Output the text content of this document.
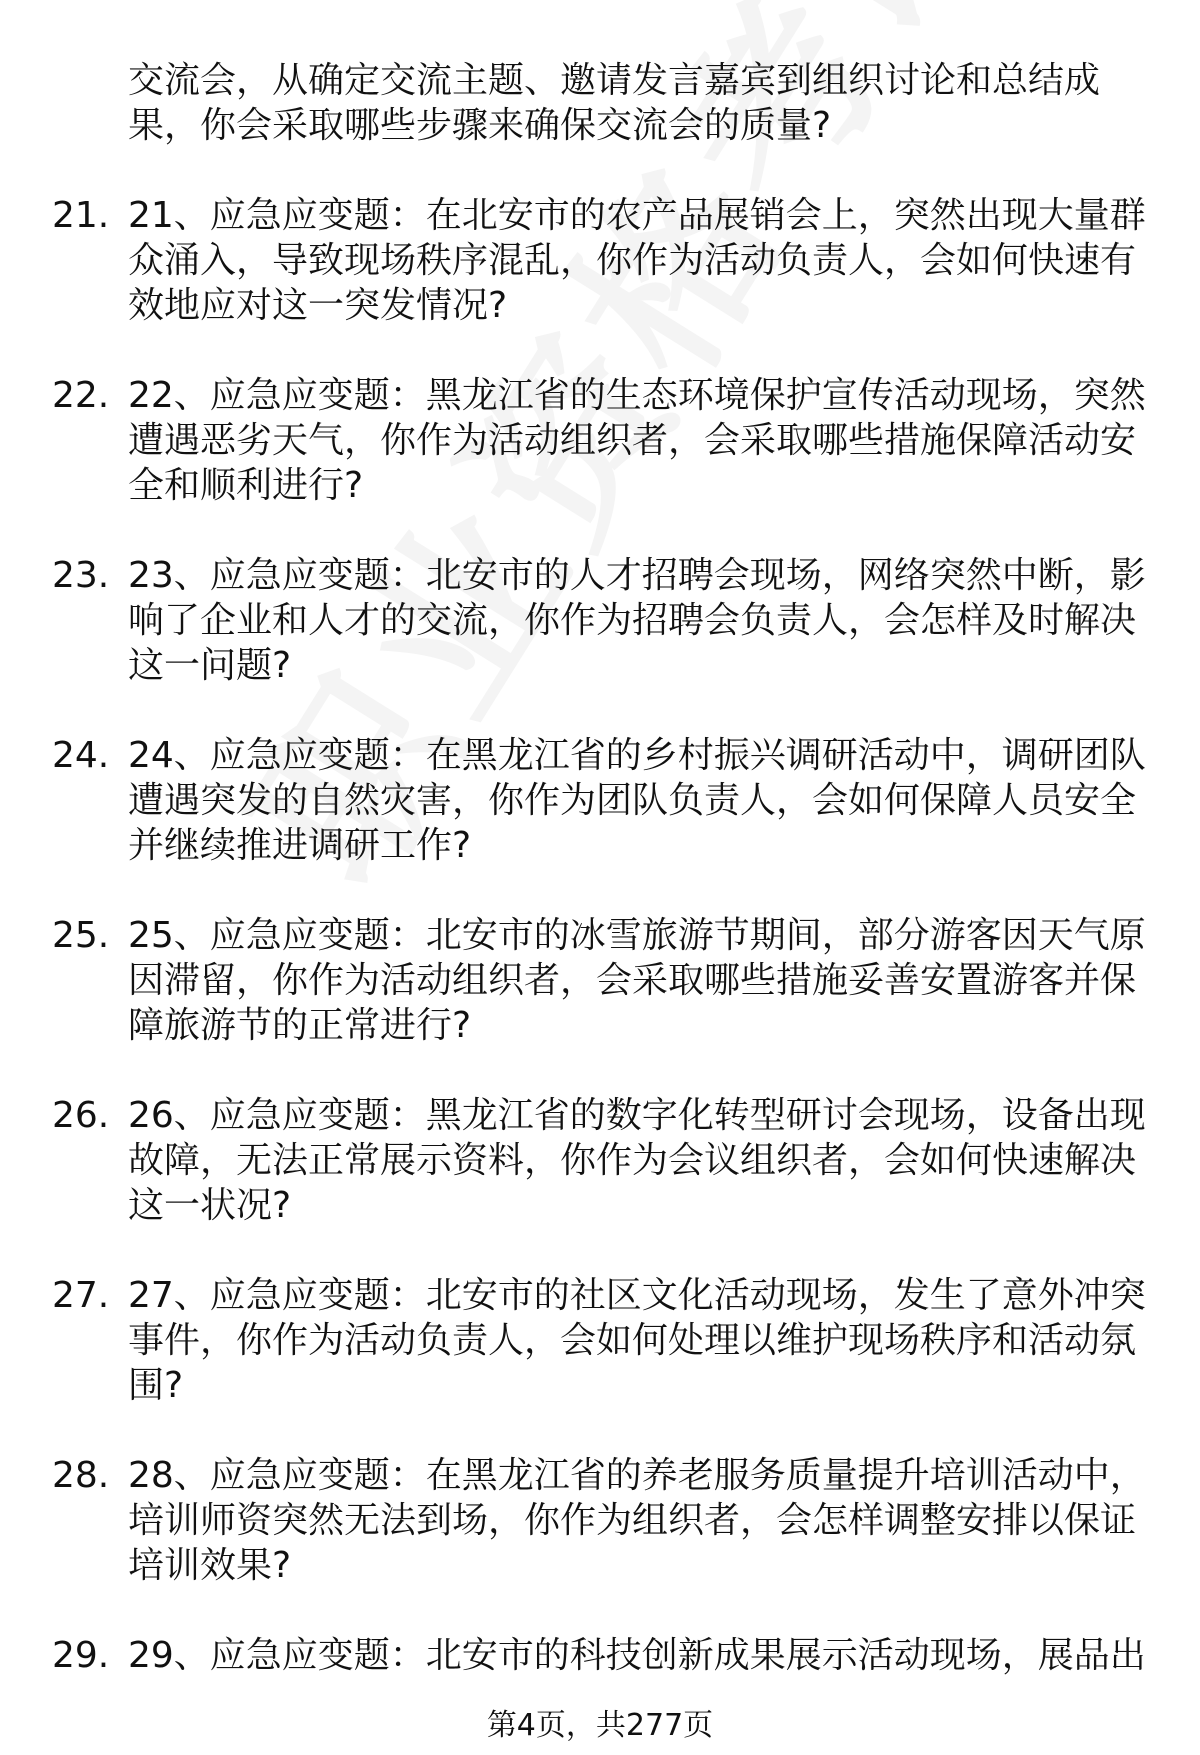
交流会，从确定交流主题、邀请发言嘉宾到组织讨论和总结成果，你会采取哪些步骤来确保交流会的质量?
21. 21、应急应变题：在北安市的农产品展销会上，突然出现大量群众涌入，导致现场秩序混乱，你作为活动负责人，会如何快速有效地应对这一突发情况?
22. 22、应急应变题：黑龙江省的生态环境保护宣传活动现场，突然遭遇恶劣天气，你作为活动组织者，会采取哪些措施保障活动安全和顺利进行?
23. 23、应急应变题：北安市的人才招聘会现场，网络突然中断，影响了企业和人才的交流，你作为招聘会负责人，会怎样及时解决这一问题?
24. 24、应急应变题：在黑龙江省的乡村振兴调研活动中，调研团队遭遇突发的自然灾害，你作为团队负责人，会如何保障人员安全并继续推进调研工作?
25. 25、应急应变题：北安市的冰雪旅游节期间，部分游客因天气原因滞留，你作为活动组织者，会采取哪些措施妥善安置游客并保障旅游节的正常进行?
26. 26、应急应变题：黑龙江省的数字化转型研讨会现场，设备出现故障，无法正常展示资料，你作为会议组织者，会如何快速解决这一状况?
27. 27、应急应变题：北安市的社区文化活动现场，发生了意外冲突事件，你作为活动负责人，会如何处理以维护现场秩序和活动氛围?
28. 28、应急应变题：在黑龙江省的养老服务质量提升培训活动中，培训师资突然无法到场，你作为组织者，会怎样调整安排以保证培训效果?
29. 29、应急应变题：北安市的科技创新成果展示活动现场，展品出
第4页，共277页
